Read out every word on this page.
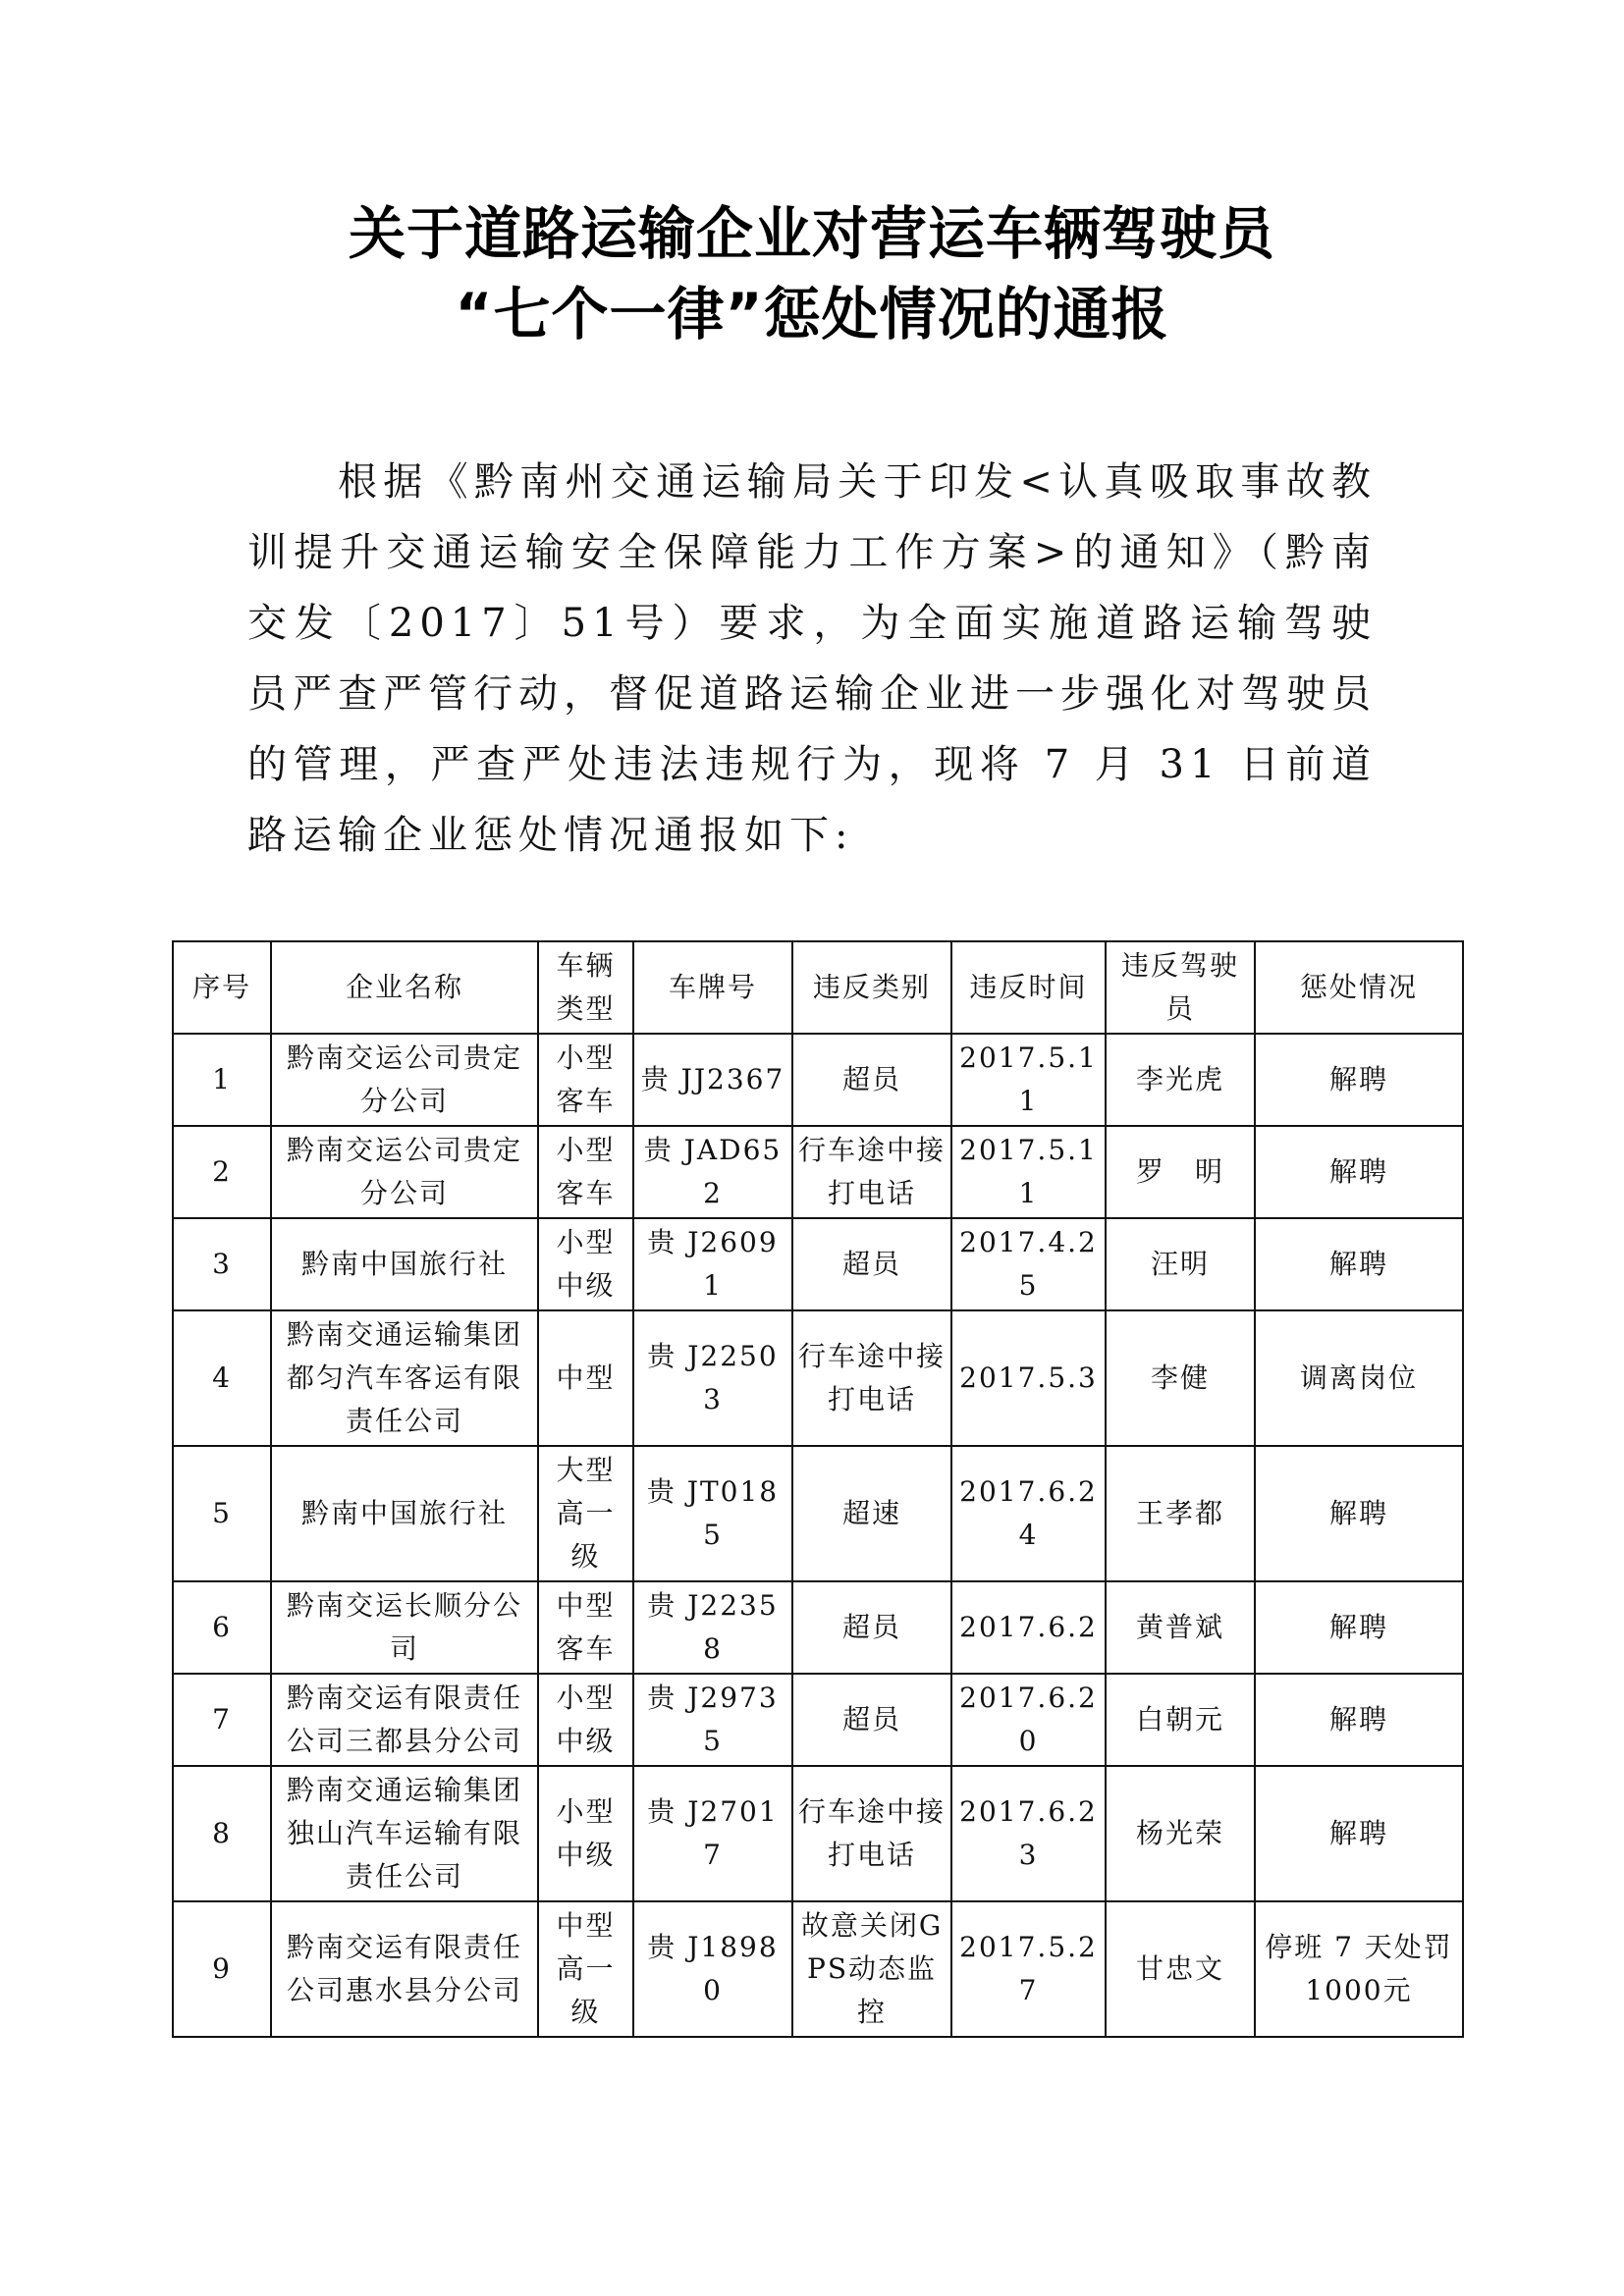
关于道路运输企业对营运车辆驾驶员
“七个一律”惩处情况的通报

根据《黔南州交通运输局关于印发<认真吸取事故教训提升交通运输安全保障能力工作方案>的通知》（黔南交发〔2017〕51号）要求，为全面实施道路运输驾驶员严查严管行动，督促道路运输企业进一步强化对驾驶员的管理，严查严处违法违规行为，现将 7 月 31 日前道路运输企业惩处情况通报如下:

序号	企业名称	车辆类型	车牌号	违反类别	违反时间	违反驾驶员	惩处情况
1	黔南交运公司贵定分公司	小型客车	贵 JJ2367	超员	2017.5.11	李光虎	解聘
2	黔南交运公司贵定分公司	小型客车	贵 JAD652	行车途中接打电话	2017.5.11	罗　明	解聘
3	黔南中国旅行社	小型中级	贵 J26091	超员	2017.4.25	汪明	解聘
4	黔南交通运输集团都匀汽车客运有限责任公司	中型	贵 J22503	行车途中接打电话	2017.5.3	李健	调离岗位
5	黔南中国旅行社	大型高一级	贵 JT0185	超速	2017.6.24	王孝都	解聘
6	黔南交运长顺分公司	中型客车	贵 J22358	超员	2017.6.2	黄普斌	解聘
7	黔南交运有限责任公司三都县分公司	小型中级	贵 J29735	超员	2017.6.20	白朝元	解聘
8	黔南交通运输集团独山汽车运输有限责任公司	小型中级	贵 J27017	行车途中接打电话	2017.6.23	杨光荣	解聘
9	黔南交运有限责任公司惠水县分公司	中型高一级	贵 J18980	故意关闭GPS动态监控	2017.5.27	甘忠文	停班 7 天处罚1000元
